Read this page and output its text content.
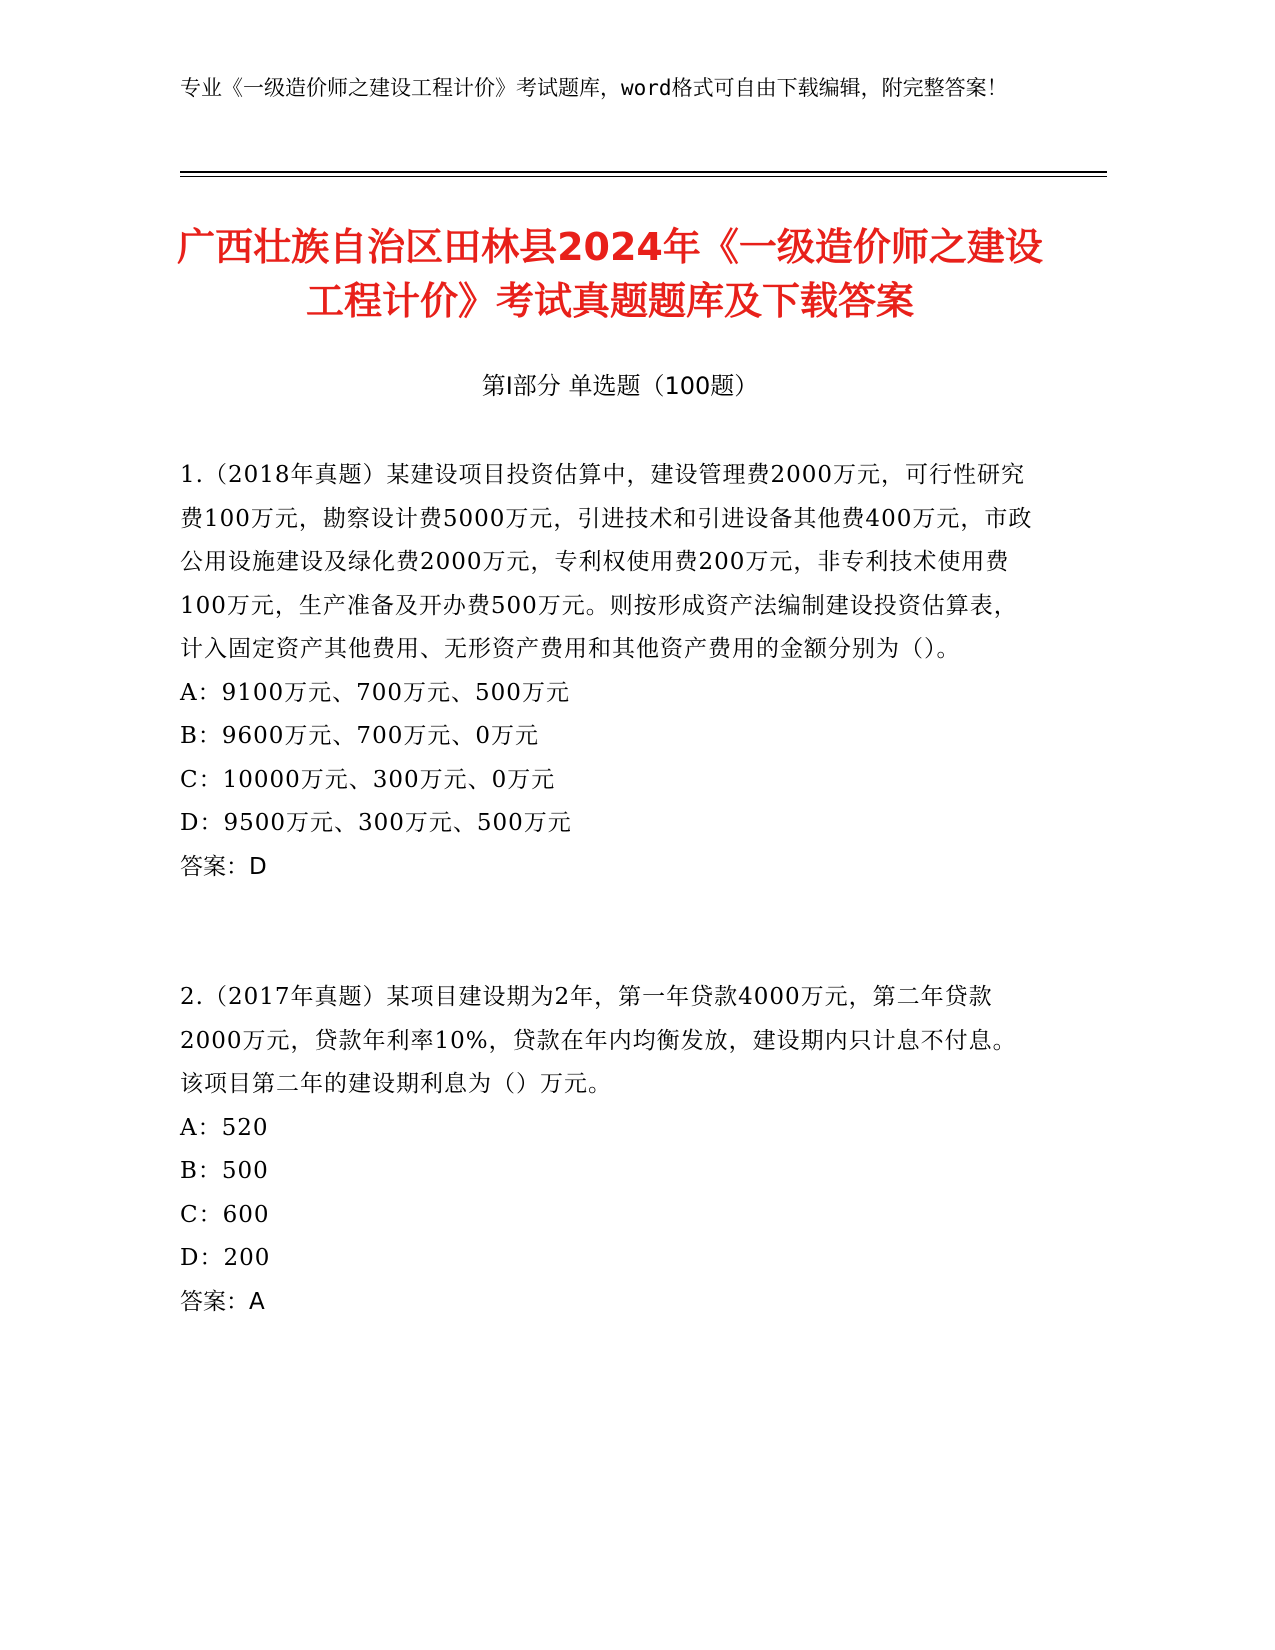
专业《一级造价师之建设工程计价》考试题库，word格式可自由下载编辑，附完整答案！
广西壮族自治区田林县2024年《一级造价师之建设工程计价》考试真题题库及下载答案
第I部分 单选题（100题）

1.（2018年真题）某建设项目投资估算中，建设管理费2000万元，可行性研究费100万元，勘察设计费5000万元，引进技术和引进设备其他费400万元，市政公用设施建设及绿化费2000万元，专利权使用费200万元，非专利技术使用费100万元，生产准备及开办费500万元。则按形成资产法编制建设投资估算表，计入固定资产其他费用、无形资产费用和其他资产费用的金额分别为（）。

A：9100万元、700万元、500万元

B：9600万元、700万元、0万元

C：10000万元、300万元、0万元

D：9500万元、300万元、500万元

答案：D

2.（2017年真题）某项目建设期为2年，第一年贷款4000万元，第二年贷款2000万元，贷款年利率10%，贷款在年内均衡发放，建设期内只计息不付息。该项目第二年的建设期利息为（）万元。

A：520

B：500

C：600

D：200

答案：A
